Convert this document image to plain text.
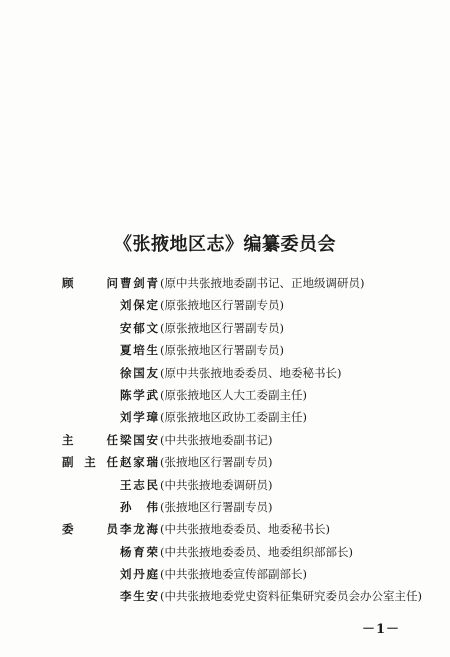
《张掖地区志》编纂委员会
顾	问 曹 剑 青 (原中共张掖地委副书记、正地级调研员)
刘 保 定 (原张掖地区行署副专员)
安 郁 文 (原张掖地区行署副专员)
夏 培 生 (原张掖地区行署副专员)
徐 国 友 (原中共张掖地委委员、地委秘书长)
陈 学 武 (原张掖地区人大工委副主任)
刘 学 璋 (原张掖地区政协工委副主任)
主	任 梁 国 安 (中共张掖地委副书记)
副 主 任 赵 家 瑞 (张掖地区行署副专员)
王 志 民 (中共张掖地委调研员)
孙 伟 (张掖地区行署副专员)
委	员 李 龙 海 (中共张掖地委委员、地委秘书长)
杨 育 荣 (中共张掖地委委员、地委组织部部长)
刘 丹 庭 (中共张掖地委宣传部副部长)
李 生 安 (中共张掖地委党史资料征集研究委员会办公室主任)
－1－
